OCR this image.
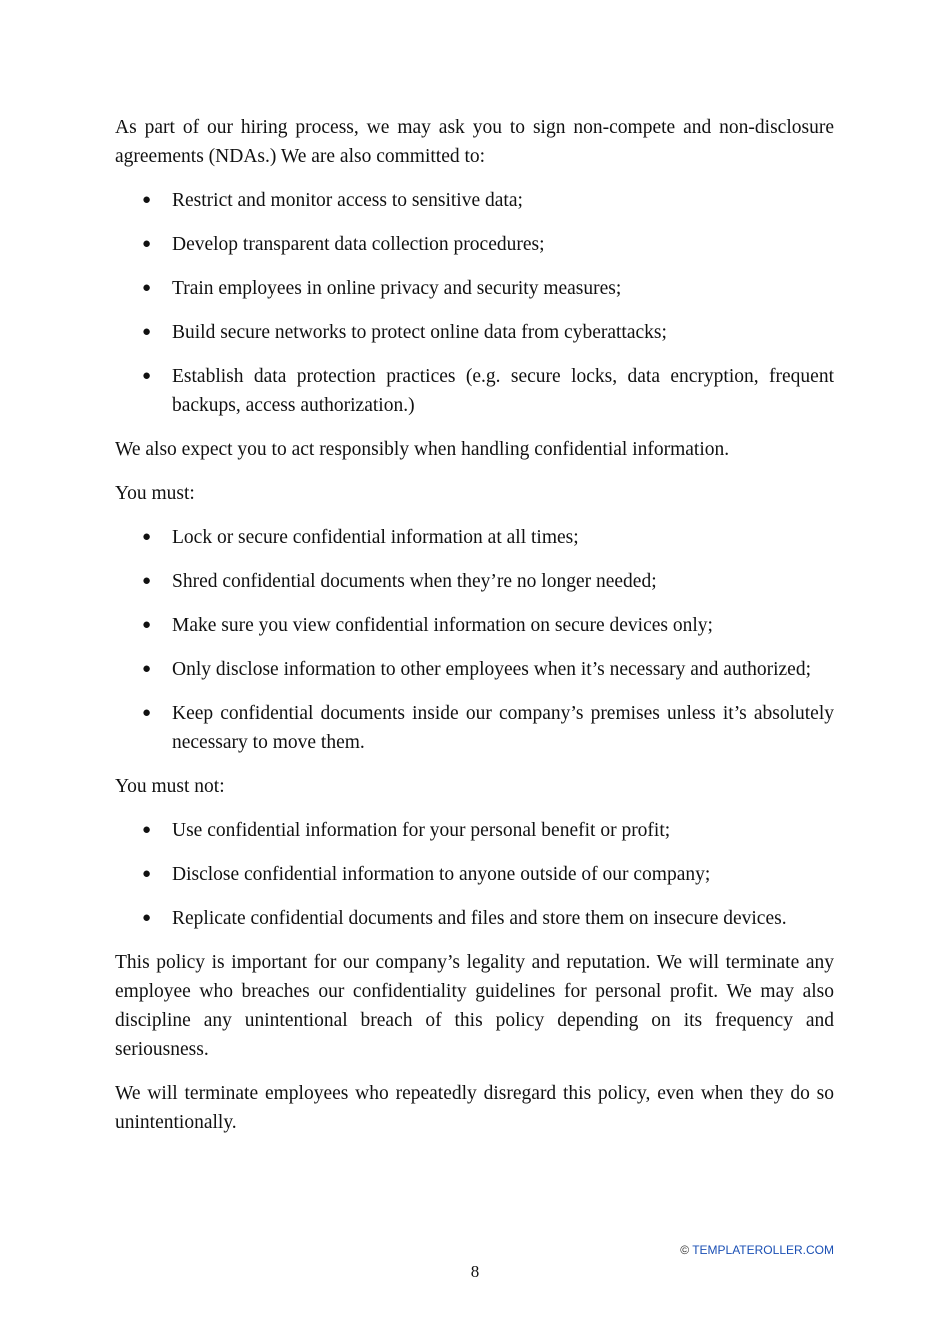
As part of our hiring process, we may ask you to sign non-compete and non-disclosure agreements (NDAs.) We are also committed to:

● Restrict and monitor access to sensitive data;
● Develop transparent data collection procedures;
● Train employees in online privacy and security measures;
● Build secure networks to protect online data from cyberattacks;
● Establish data protection practices (e.g. secure locks, data encryption, frequent backups, access authorization.)

We also expect you to act responsibly when handling confidential information.

You must:

● Lock or secure confidential information at all times;
● Shred confidential documents when they’re no longer needed;
● Make sure you view confidential information on secure devices only;
● Only disclose information to other employees when it’s necessary and authorized;
● Keep confidential documents inside our company’s premises unless it’s absolutely necessary to move them.

You must not:

● Use confidential information for your personal benefit or profit;
● Disclose confidential information to anyone outside of our company;
● Replicate confidential documents and files and store them on insecure devices.

This policy is important for our company’s legality and reputation. We will terminate any employee who breaches our confidentiality guidelines for personal profit. We may also discipline any unintentional breach of this policy depending on its frequency and seriousness.

We will terminate employees who repeatedly disregard this policy, even when they do so unintentionally.

© TEMPLATEROLLER.COM
8
